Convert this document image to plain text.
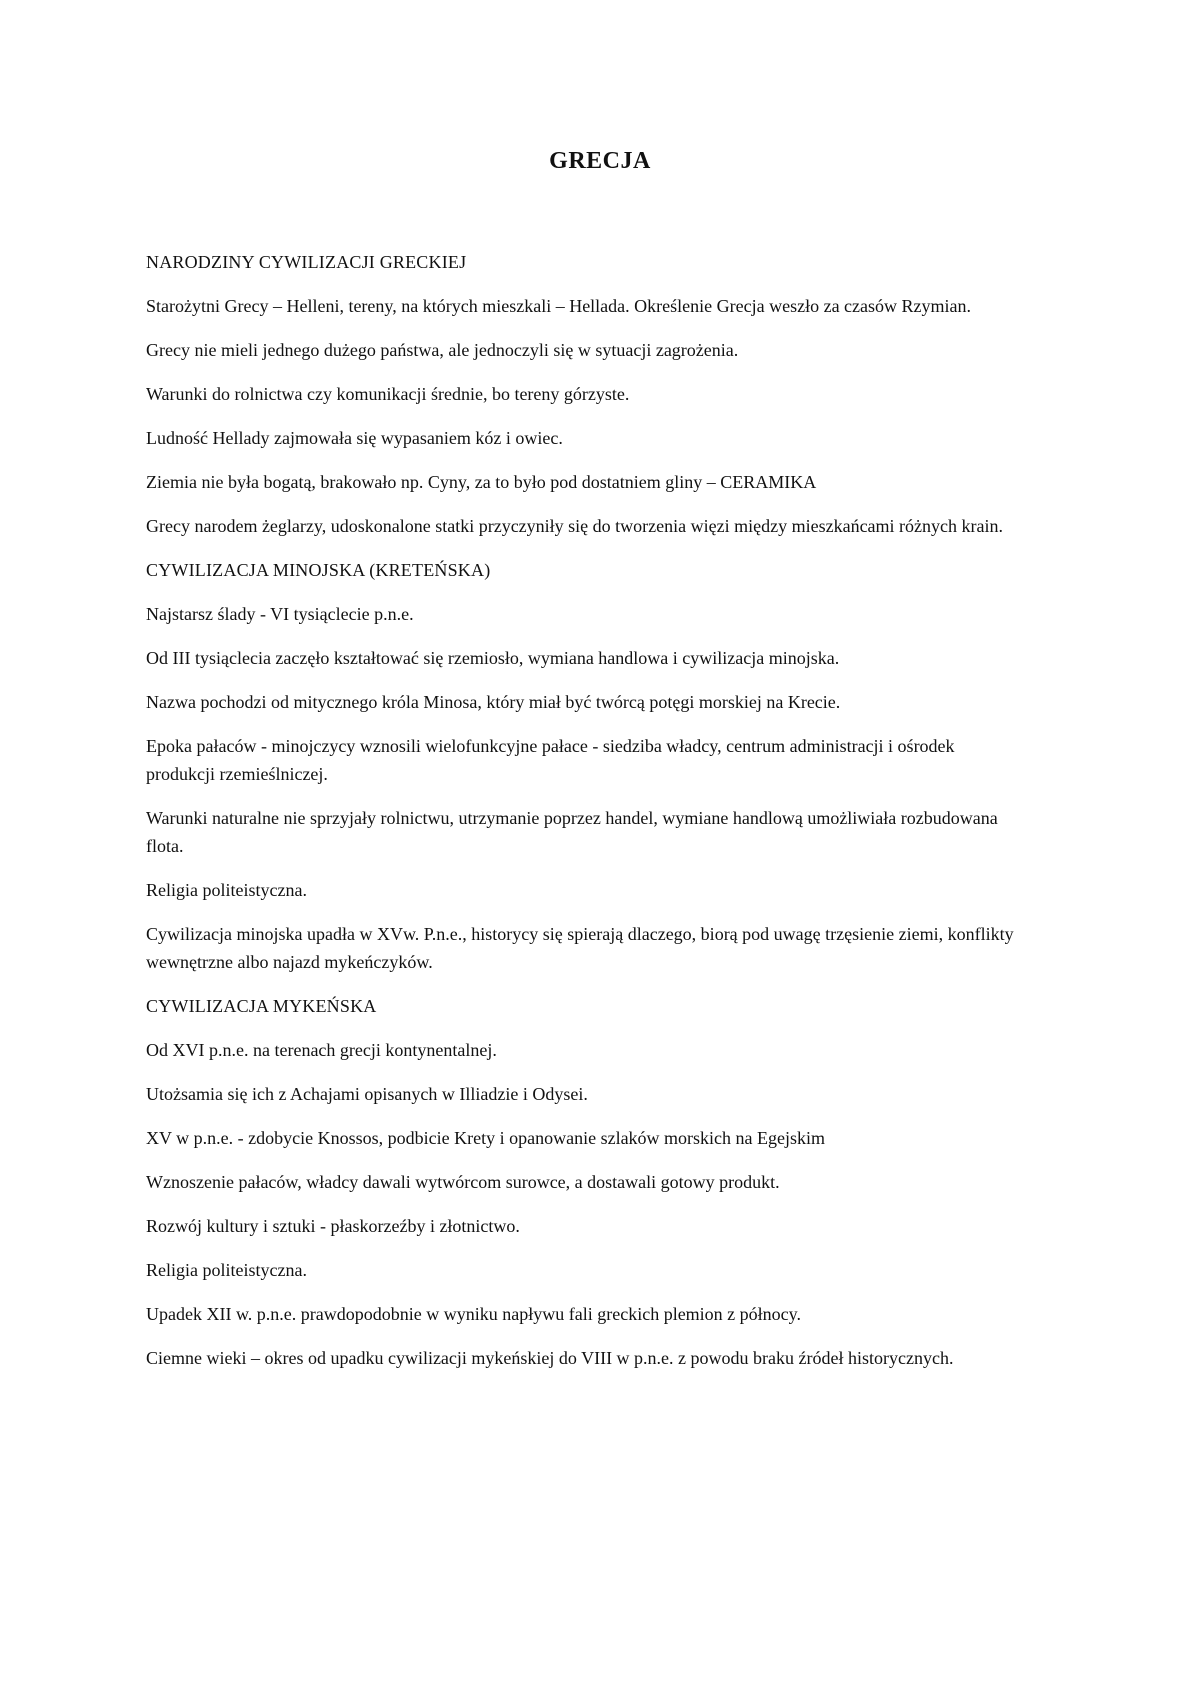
GRECJA

NARODZINY CYWILIZACJI GRECKIEJ

Starożytni Grecy – Helleni, tereny, na których mieszkali – Hellada. Określenie Grecja weszło za czasów Rzymian.

Grecy nie mieli jednego dużego państwa, ale jednoczyli się w sytuacji zagrożenia.

Warunki do rolnictwa czy komunikacji średnie, bo tereny górzyste.

Ludność Hellady zajmowała się wypasaniem kóz i owiec.

Ziemia nie była bogatą, brakowało np. Cyny, za to było pod dostatniem gliny – CERAMIKA

Grecy narodem żeglarzy, udoskonalone statki przyczyniły się do tworzenia więzi między mieszkańcami różnych krain.

CYWILIZACJA MINOJSKA (KRETEŃSKA)

Najstarsz ślady - VI tysiąclecie p.n.e.

Od III tysiąclecia zaczęło kształtować się rzemiosło, wymiana handlowa i cywilizacja minojska.

Nazwa pochodzi od mitycznego króla Minosa, który miał być twórcą potęgi morskiej na Krecie.

Epoka pałaców - minojczycy wznosili wielofunkcyjne pałace - siedziba władcy, centrum administracji i ośrodek produkcji rzemieślniczej.

Warunki naturalne nie sprzyjały rolnictwu, utrzymanie poprzez handel, wymiane handlową umożliwiała rozbudowana flota.

Religia politeistyczna.

Cywilizacja minojska upadła w XVw. P.n.e., historycy się spierają dlaczego, biorą pod uwagę trzęsienie ziemi, konflikty wewnętrzne albo najazd mykeńczyków.

CYWILIZACJA MYKEŃSKA

Od XVI p.n.e. na terenach grecji kontynentalnej.

Utożsamia się ich z Achajami opisanych w Illiadzie i Odysei.

XV w p.n.e. - zdobycie Knossos, podbicie Krety i opanowanie szlaków morskich na Egejskim

Wznoszenie pałaców, władcy dawali wytwórcom surowce, a dostawali gotowy produkt.

Rozwój kultury i sztuki - płaskorzeźby i złotnictwo.

Religia politeistyczna.

Upadek XII w. p.n.e. prawdopodobnie w wyniku napływu fali greckich plemion z północy.

Ciemne wieki – okres od upadku cywilizacji mykeńskiej do VIII w p.n.e. z powodu braku źródeł historycznych.
